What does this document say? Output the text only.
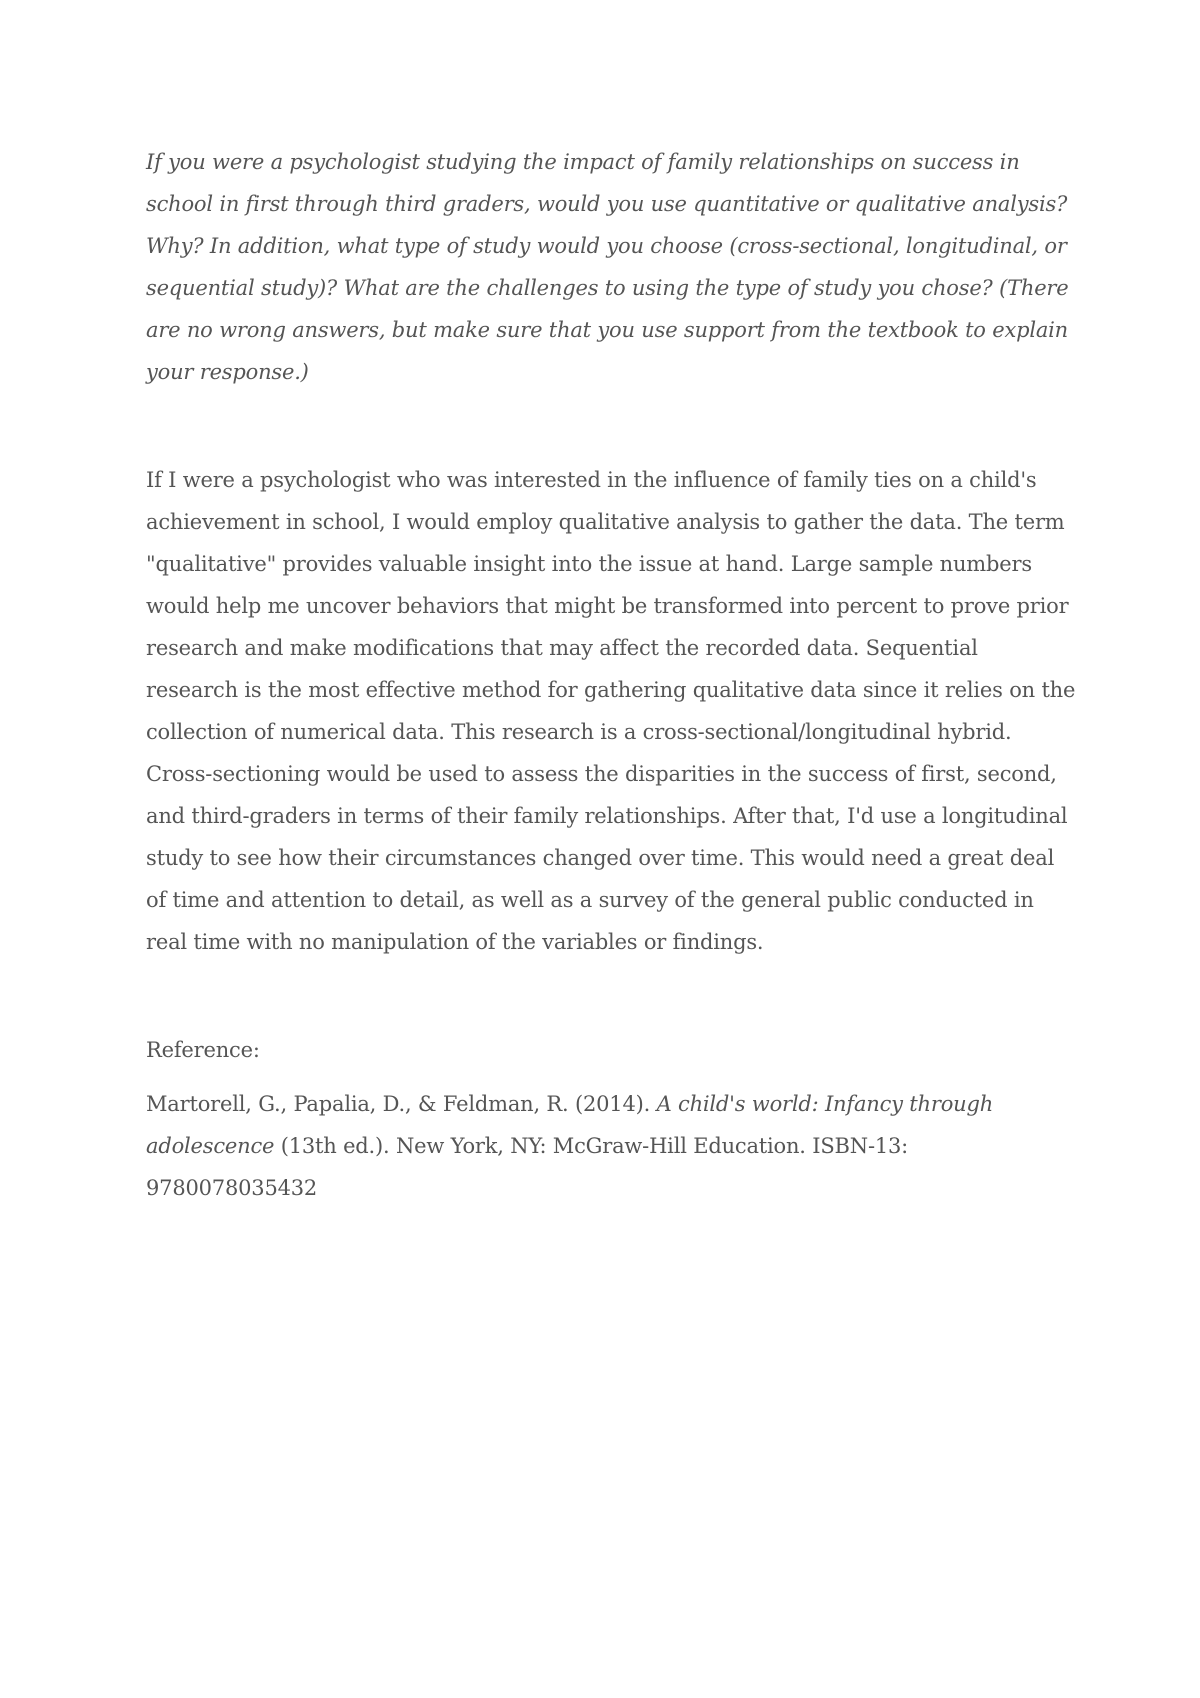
If you were a psychologist studying the impact of family relationships on success in school in first through third graders, would you use quantitative or qualitative analysis? Why? In addition, what type of study would you choose (cross-sectional, longitudinal, or sequential study)? What are the challenges to using the type of study you chose? (There are no wrong answers, but make sure that you use support from the textbook to explain your response.)

If I were a psychologist who was interested in the influence of family ties on a child's achievement in school, I would employ qualitative analysis to gather the data. The term "qualitative" provides valuable insight into the issue at hand. Large sample numbers would help me uncover behaviors that might be transformed into percent to prove prior research and make modifications that may affect the recorded data. Sequential research is the most effective method for gathering qualitative data since it relies on the collection of numerical data. This research is a cross-sectional/longitudinal hybrid. Cross-sectioning would be used to assess the disparities in the success of first, second, and third-graders in terms of their family relationships. After that, I'd use a longitudinal study to see how their circumstances changed over time. This would need a great deal of time and attention to detail, as well as a survey of the general public conducted in real time with no manipulation of the variables or findings.

Reference:

Martorell, G., Papalia, D., & Feldman, R. (2014). A child's world: Infancy through adolescence (13th ed.). New York, NY: McGraw-Hill Education. ISBN-13: 9780078035432
